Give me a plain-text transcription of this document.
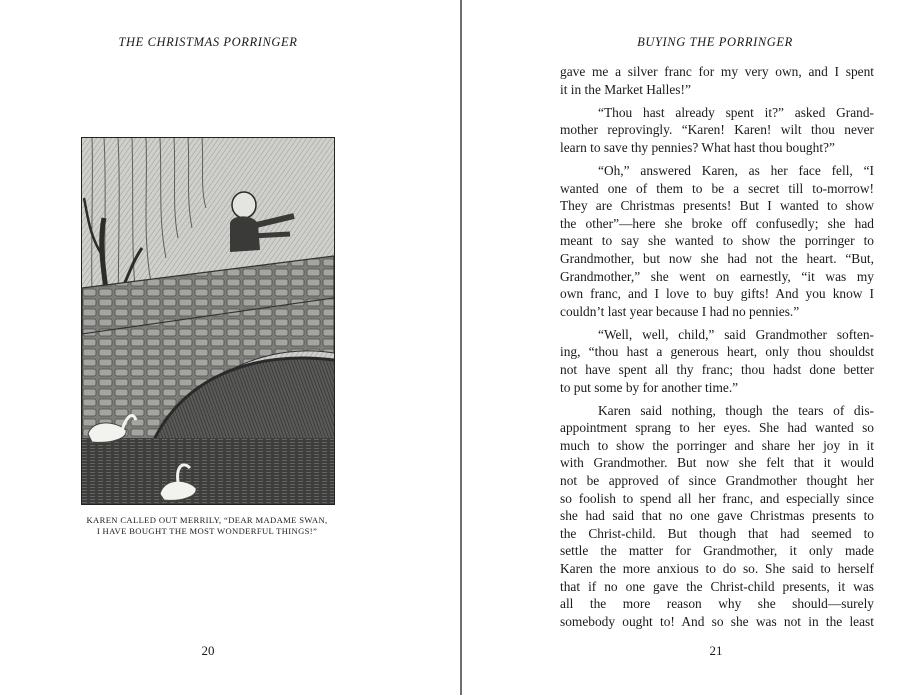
THE CHRISTMAS PORRINGER
KAREN CALLED OUT MERRILY, “DEAR MADAME SWAN,
I HAVE BOUGHT THE MOST WONDERFUL THINGS!”
20
BUYING THE PORRINGER
gave me a silver franc for my very own, and I spent
it in the Market Halles!”
“Thou hast already spent it?” asked Grand-
mother reprovingly. “Karen! Karen! wilt thou never
learn to save thy pennies? What hast thou bought?”
“Oh,” answered Karen, as her face fell, “I
wanted one of them to be a secret till to-morrow!
They are Christmas presents! But I wanted to show
the other”—here she broke off confusedly; she had
meant to say she wanted to show the porringer to
Grandmother, but now she had not the heart. “But,
Grandmother,” she went on earnestly, “it was my
own franc, and I love to buy gifts! And you know I
couldn’t last year because I had no pennies.”
“Well, well, child,” said Grandmother soften-
ing, “thou hast a generous heart, only thou shouldst
not have spent all thy franc; thou hadst done better
to put some by for another time.”
Karen said nothing, though the tears of dis-
appointment sprang to her eyes. She had wanted so
much to show the porringer and share her joy in it
with Grandmother. But now she felt that it would
not be approved of since Grandmother thought her
so foolish to spend all her franc, and especially since
she had said that no one gave Christmas presents to
the Christ-child. But though that had seemed to
settle the matter for Grandmother, it only made
Karen the more anxious to do so. She said to herself
that if no one gave the Christ-child presents, it was
all the more reason why she should—surely
somebody ought to! And so she was not in the least
21
